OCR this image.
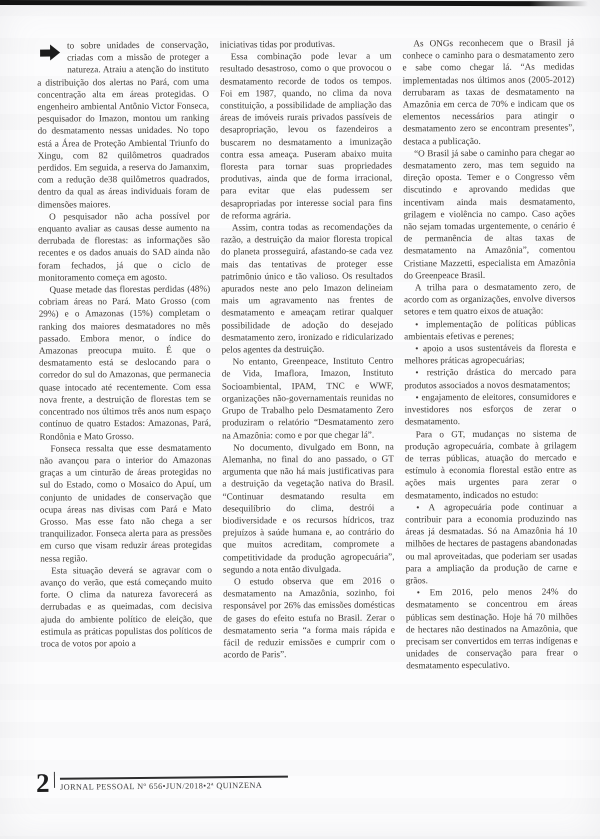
to sobre unidades de conservação, criadas com a missão de proteger a natureza. Atraiu a atenção do instituto a distribuição dos alertas no Pará, com uma concentração alta em áreas protegidas. O engenheiro ambiental Antônio Victor Fonseca, pesquisador do Imazon, montou um ranking do desmatamento nessas unidades. No topo está a Área de Proteção Ambiental Triunfo do Xingu, com 82 quilômetros quadrados perdidos. Em seguida, a reserva do Jamanxim, com a redução de38 quilômetros quadrados, dentro da qual as áreas individuais foram de dimensões maiores.

O pesquisador não acha possível por enquanto avaliar as causas desse aumento na derrubada de florestas: as informações são recentes e os dados anuais do SAD ainda não foram fechados, já que o ciclo de monitoramento começa em agosto.

Quase metade das florestas perdidas (48%) cobriam áreas no Pará. Mato Grosso (com 29%) e o Amazonas (15%) completam o ranking dos maiores desmatadores no mês passado. Embora menor, o índice do Amazonas preocupa muito. É que o desmatamento está se deslocando para o corredor do sul do Amazonas, que permanecia quase intocado até recentemente. Com essa nova frente, a destruição de florestas tem se concentrado nos últimos três anos num espaço contínuo de quatro Estados: Amazonas, Pará, Rondônia e Mato Grosso.

Fonseca ressalta que esse desmatamento não avançou para o interior do Amazonas graças a um cinturão de áreas protegidas no sul do Estado, como o Mosaico do Apuí, um conjunto de unidades de conservação que ocupa áreas nas divisas com Pará e Mato Grosso. Mas esse fato não chega a ser tranquilizador. Fonseca alerta para as pressões em curso que visam reduzir áreas protegidas nessa região.

Esta situação deverá se agravar com o avanço do verão, que está começando muito forte. O clima da natureza favorecerá as derrubadas e as queimadas, com decisiva ajuda do ambiente político de eleição, que estimula as práticas populistas dos políticos de troca de votos por apoio a

iniciativas tidas por produtivas.

Essa combinação pode levar a um resultado desastroso, como o que provocou o desmatamento recorde de todos os tempos. Foi em 1987, quando, no clima da nova constituição, a possibilidade de ampliação das áreas de imóveis rurais privados passíveis de desapropriação, levou os fazendeiros a buscarem no desmatamento a imunização contra essa ameaça. Puseram abaixo muita floresta para tornar suas propriedades produtivas, ainda que de forma irracional, para evitar que elas pudessem ser desapropriadas por interesse social para fins de reforma agrária.

Assim, contra todas as recomendações da razão, a destruição da maior floresta tropical do planeta prosseguirá, afastando-se cada vez mais das tentativas de proteger esse patrimônio único e tão valioso. Os resultados apurados neste ano pelo Imazon delineiam mais um agravamento nas frentes de desmatamento e ameaçam retirar qualquer possibilidade de adoção do desejado desmatamento zero, ironizado e ridicularizado pelos agentes da destruição.

No entanto, Greenpeace, Instituto Centro de Vida, Imaflora, Imazon, Instituto Socioambiental, IPAM, TNC e WWF, organizações não-governamentais reunidas no Grupo de Trabalho pelo Desmatamento Zero produziram o relatório “Desmatamento zero na Amazônia: como e por que chegar lá”.

No documento, divulgado em Bonn, na Alemanha, no final do ano passado, o GT argumenta que não há mais justificativas para a destruição da vegetação nativa do Brasil. “Continuar desmatando resulta em desequilíbrio do clima, destrói a biodiversidade e os recursos hídricos, traz prejuízos à saúde humana e, ao contrário do que muitos acreditam, compromete a competitividade da produção agropecuária”, segundo a nota então divulgada.

O estudo observa que em 2016 o desmatamento na Amazônia, sozinho, foi responsável por 26% das emissões domésticas de gases do efeito estufa no Brasil. Zerar o desmatamento seria “a forma mais rápida e fácil de reduzir emissões e cumprir com o acordo de Paris”.

As ONGs reconhecem que o Brasil já conhece o caminho para o desmatamento zero e sabe como chegar lá. “As medidas implementadas nos últimos anos (2005-2012) derrubaram as taxas de desmatamento na Amazônia em cerca de 70% e indicam que os elementos necessários para atingir o desmatamento zero se encontram presentes”, destaca a publicação.

“O Brasil já sabe o caminho para chegar ao desmatamento zero, mas tem seguido na direção oposta. Temer e o Congresso vêm discutindo e aprovando medidas que incentivam ainda mais desmatamento, grilagem e violência no campo. Caso ações não sejam tomadas urgentemente, o cenário é de permanência de altas taxas de desmatamento na Amazônia”, comentou Cristiane Mazzetti, especialista em Amazônia do Greenpeace Brasil.

A trilha para o desmatamento zero, de acordo com as organizações, envolve diversos setores e tem quatro eixos de atuação:

• implementação de políticas públicas ambientais efetivas e perenes;

• apoio a usos sustentáveis da floresta e melhores práticas agropecuárias;

• restrição drástica do mercado para produtos associados a novos desmatamentos;

• engajamento de eleitores, consumidores e investidores nos esforços de zerar o desmatamento.

Para o GT, mudanças no sistema de produção agropecuária, combate à grilagem de terras públicas, atuação do mercado e estímulo à economia florestal estão entre as ações mais urgentes para zerar o desmatamento, indicados no estudo:

• A agropecuária pode continuar a contribuir para a economia produzindo nas áreas já desmatadas. Só na Amazônia há 10 milhões de hectares de pastagens abandonadas ou mal aproveitadas, que poderiam ser usadas para a ampliação da produção de carne e grãos.

• Em 2016, pelo menos 24% do desmatamento se concentrou em áreas públicas sem destinação. Hoje há 70 milhões de hectares não destinados na Amazônia, que precisam ser convertidos em terras indígenas e unidades de conservação para frear o desmatamento especulativo.

2 JORNAL PESSOAL Nº 656•JUN/2018•2ª QUINZENA
